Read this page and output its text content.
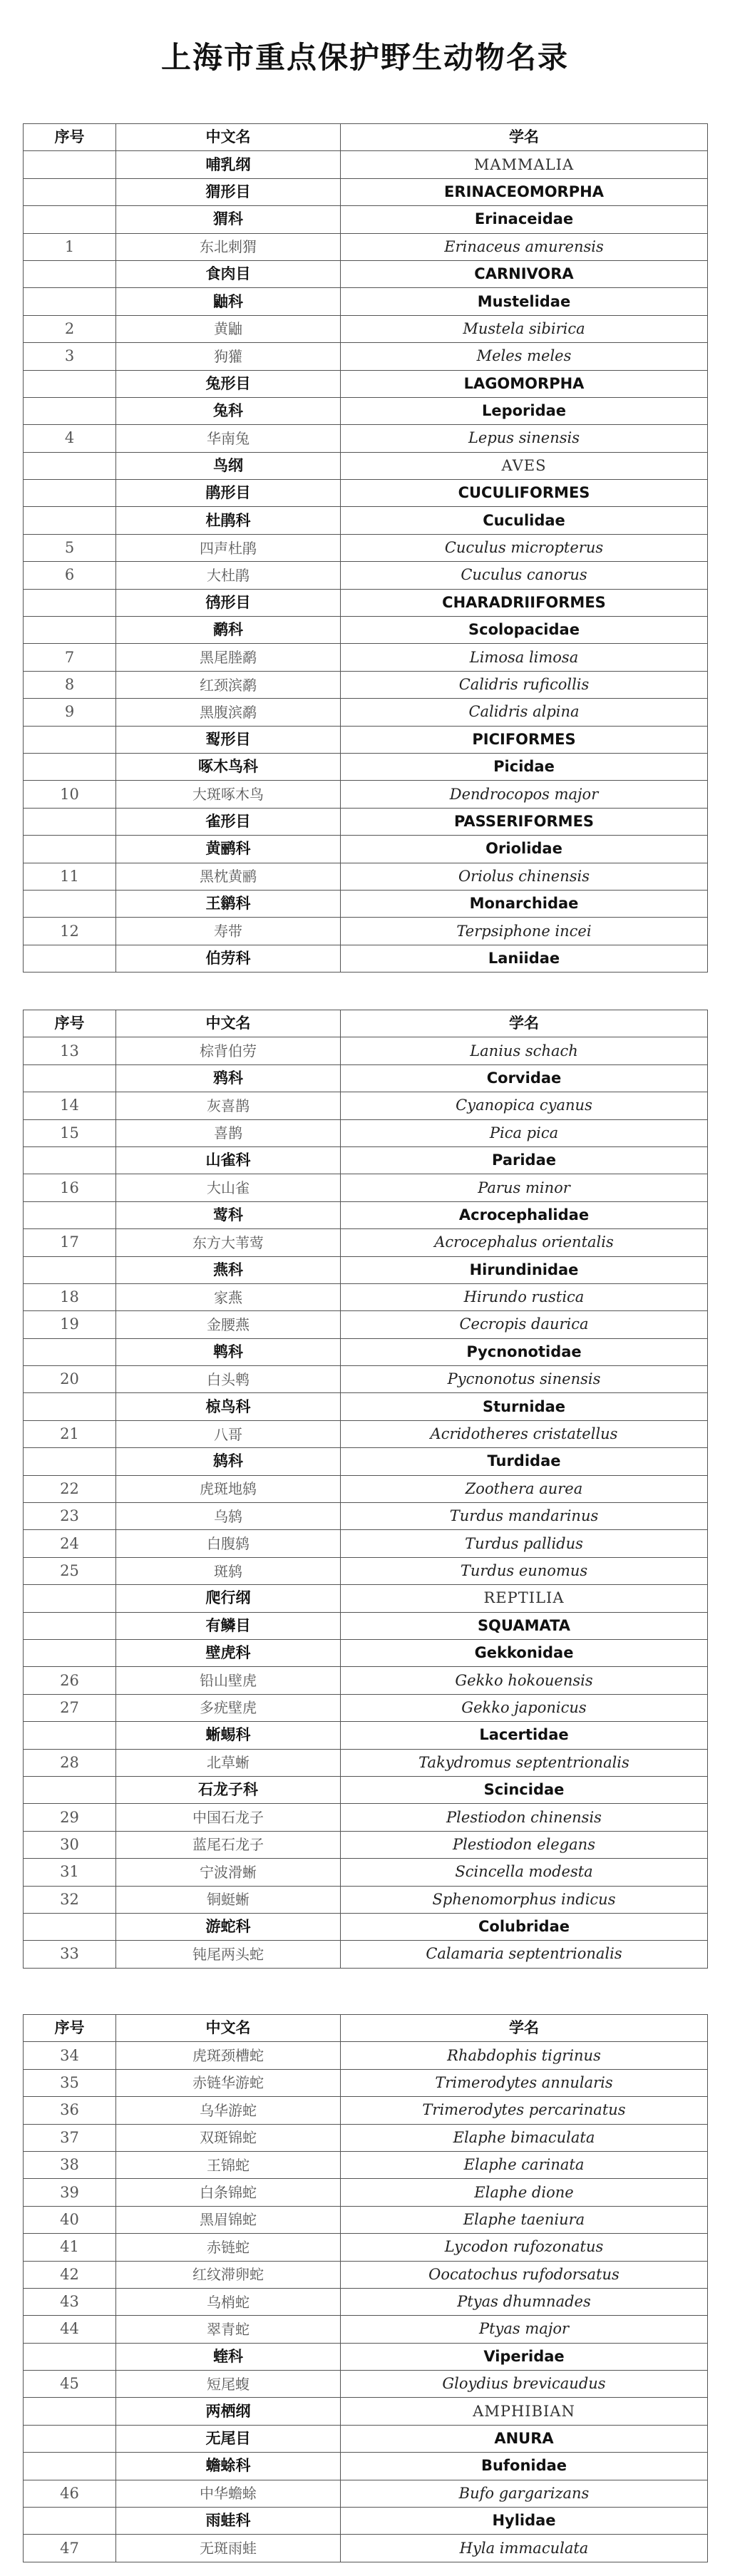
上海市重点保护野生动物名录
序号	中文名	学名
	哺乳纲	MAMMALIA
	猬形目	ERINACEOMORPHA
	猬科	Erinaceidae
1	东北刺猬	Erinaceus amurensis
	食肉目	CARNIVORA
	鼬科	Mustelidae
2	黄鼬	Mustela sibirica
3	狗獾	Meles meles
	兔形目	LAGOMORPHA
	兔科	Leporidae
4	华南兔	Lepus sinensis
	鸟纲	AVES
	鹃形目	CUCULIFORMES
	杜鹃科	Cuculidae
5	四声杜鹃	Cuculus micropterus
6	大杜鹃	Cuculus canorus
	鸻形目	CHARADRIIFORMES
	鹬科	Scolopacidae
7	黑尾塍鹬	Limosa limosa
8	红颈滨鹬	Calidris ruficollis
9	黑腹滨鹬	Calidris alpina
	䴕形目	PICIFORMES
	啄木鸟科	Picidae
10	大斑啄木鸟	Dendrocopos major
	雀形目	PASSERIFORMES
	黄鹂科	Oriolidae
11	黑枕黄鹂	Oriolus chinensis
	王鹟科	Monarchidae
12	寿带	Terpsiphone incei
	伯劳科	Laniidae
序号	中文名	学名
13	棕背伯劳	Lanius schach
	鸦科	Corvidae
14	灰喜鹊	Cyanopica cyanus
15	喜鹊	Pica pica
	山雀科	Paridae
16	大山雀	Parus minor
	莺科	Acrocephalidae
17	东方大苇莺	Acrocephalus orientalis
	燕科	Hirundinidae
18	家燕	Hirundo rustica
19	金腰燕	Cecropis daurica
	鹎科	Pycnonotidae
20	白头鹎	Pycnonotus sinensis
	椋鸟科	Sturnidae
21	八哥	Acridotheres cristatellus
	鸫科	Turdidae
22	虎斑地鸫	Zoothera aurea
23	乌鸫	Turdus mandarinus
24	白腹鸫	Turdus pallidus
25	斑鸫	Turdus eunomus
	爬行纲	REPTILIA
	有鳞目	SQUAMATA
	壁虎科	Gekkonidae
26	铅山壁虎	Gekko hokouensis
27	多疣壁虎	Gekko japonicus
	蜥蜴科	Lacertidae
28	北草蜥	Takydromus septentrionalis
	石龙子科	Scincidae
29	中国石龙子	Plestiodon chinensis
30	蓝尾石龙子	Plestiodon elegans
31	宁波滑蜥	Scincella modesta
32	铜蜓蜥	Sphenomorphus indicus
	游蛇科	Colubridae
33	钝尾两头蛇	Calamaria septentrionalis
序号	中文名	学名
34	虎斑颈槽蛇	Rhabdophis tigrinus
35	赤链华游蛇	Trimerodytes annularis
36	乌华游蛇	Trimerodytes percarinatus
37	双斑锦蛇	Elaphe bimaculata
38	王锦蛇	Elaphe carinata
39	白条锦蛇	Elaphe dione
40	黑眉锦蛇	Elaphe taeniura
41	赤链蛇	Lycodon rufozonatus
42	红纹滞卵蛇	Oocatochus rufodorsatus
43	乌梢蛇	Ptyas dhumnades
44	翠青蛇	Ptyas major
	蝰科	Viperidae
45	短尾蝮	Gloydius brevicaudus
	两栖纲	AMPHIBIAN
	无尾目	ANURA
	蟾蜍科	Bufonidae
46	中华蟾蜍	Bufo gargarizans
	雨蛙科	Hylidae
47	无斑雨蛙	Hyla immaculata
